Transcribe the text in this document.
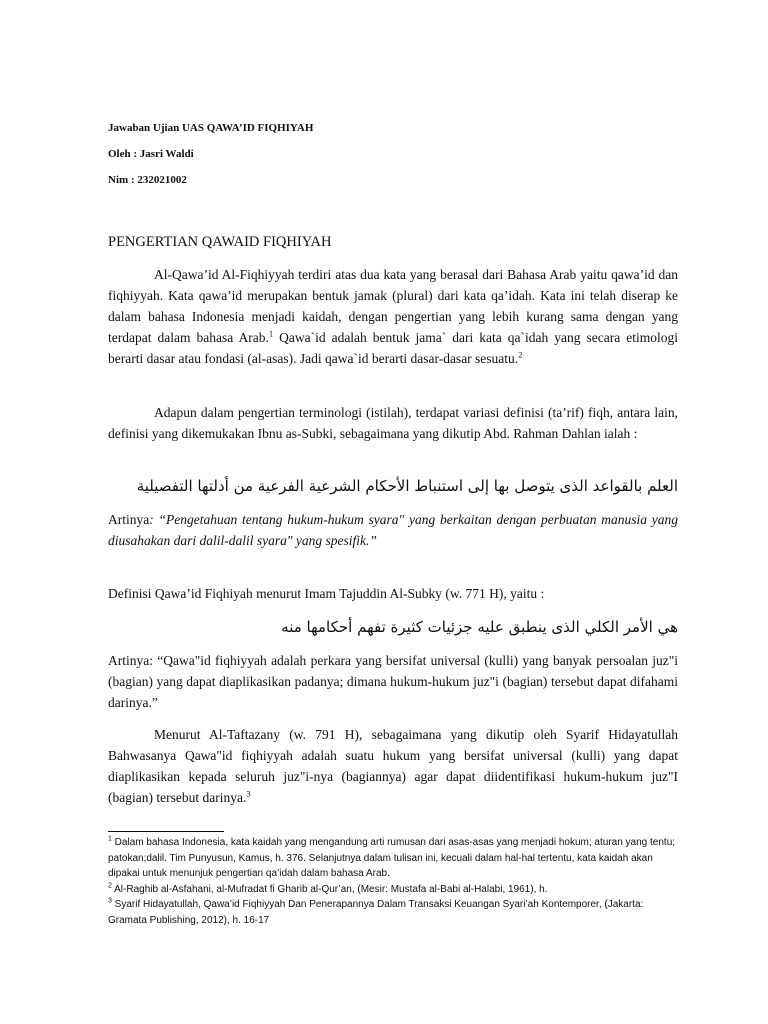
Jawaban Ujian UAS QAWA’ID FIQHIYAH
Oleh : Jasri Waldi
Nim : 232021002
PENGERTIAN QAWAID FIQHIYAH

Al-Qawa’id Al-Fiqhiyyah terdiri atas dua kata yang berasal dari Bahasa Arab yaitu qawa’id dan fiqhiyyah. Kata qawa’id merupakan bentuk jamak (plural) dari kata qa’idah. Kata ini telah diserap ke dalam bahasa Indonesia menjadi kaidah, dengan pengertian yang lebih kurang sama dengan yang terdapat dalam bahasa Arab.$^1$ Qawa`id adalah bentuk jama` dari kata qa`idah yang secara etimologi berarti dasar atau fondasi (al-asas). Jadi qawa`id berarti dasar-dasar sesuatu.$^2$

Adapun dalam pengertian terminologi (istilah), terdapat variasi definisi (ta’rif) fiqh, antara lain, definisi yang dikemukakan Ibnu as-Subki, sebagaimana yang dikutip Abd. Rahman Dahlan ialah :

العلم بالقواعد الذى يتوصل بها إلى استنباط الأحكام الشرعية الفرعية من أدلتها التفصيلية

Artinya: “Pengetahuan tentang hukum-hukum syara" yang berkaitan dengan perbuatan manusia yang diusahakan dari dalil-dalil syara" yang spesifik.”

Definisi Qawa’id Fiqhiyah menurut Imam Tajuddin Al-Subky (w. 771 H), yaitu :

هي الأمر الكلي الذى ينطبق عليه جزئيات كثيرة تفهم أحكامها منه

Artinya: “Qawa"id fiqhiyyah adalah perkara yang bersifat universal (kulli) yang banyak persoalan juz"i (bagian) yang dapat diaplikasikan padanya; dimana hukum-hukum juz"i (bagian) tersebut dapat difahami darinya.”

Menurut Al-Taftazany (w. 791 H), sebagaimana yang dikutip oleh Syarif Hidayatullah Bahwasanya Qawa"id fiqhiyyah adalah suatu hukum yang bersifat universal (kulli) yang dapat diaplikasikan kepada seluruh juz"i-nya (bagiannya) agar dapat diidentifikasi hukum-hukum juz"I (bagian) tersebut darinya.$^3$

$^1$ Dalam bahasa Indonesia, kata kaidah yang mengandung arti rumusan dari asas-asas yang menjadi hokum; aturan yang tentu; patokan;dalil. Tim Punyusun, Kamus, h. 376. Selanjutnya dalam tulisan ini, kecuali dalam hal-hal tertentu, kata kaidah akan dipakai untuk menunjuk pengertian qa’idah dalam bahasa Arab.

$^2$ Al-Raghib al-Asfahani, al-Mufradat fi Gharib al-Qur’an, (Mesir: Mustafa al-Babi al-Halabi, 1961), h.

$^3$ Syarif Hidayatullah, Qawa’id Fiqhiyyah Dan Penerapannya Dalam Transaksi Keuangan Syari’ah Kontemporer, (Jakarta: Gramata Publishing, 2012), h. 16-17
